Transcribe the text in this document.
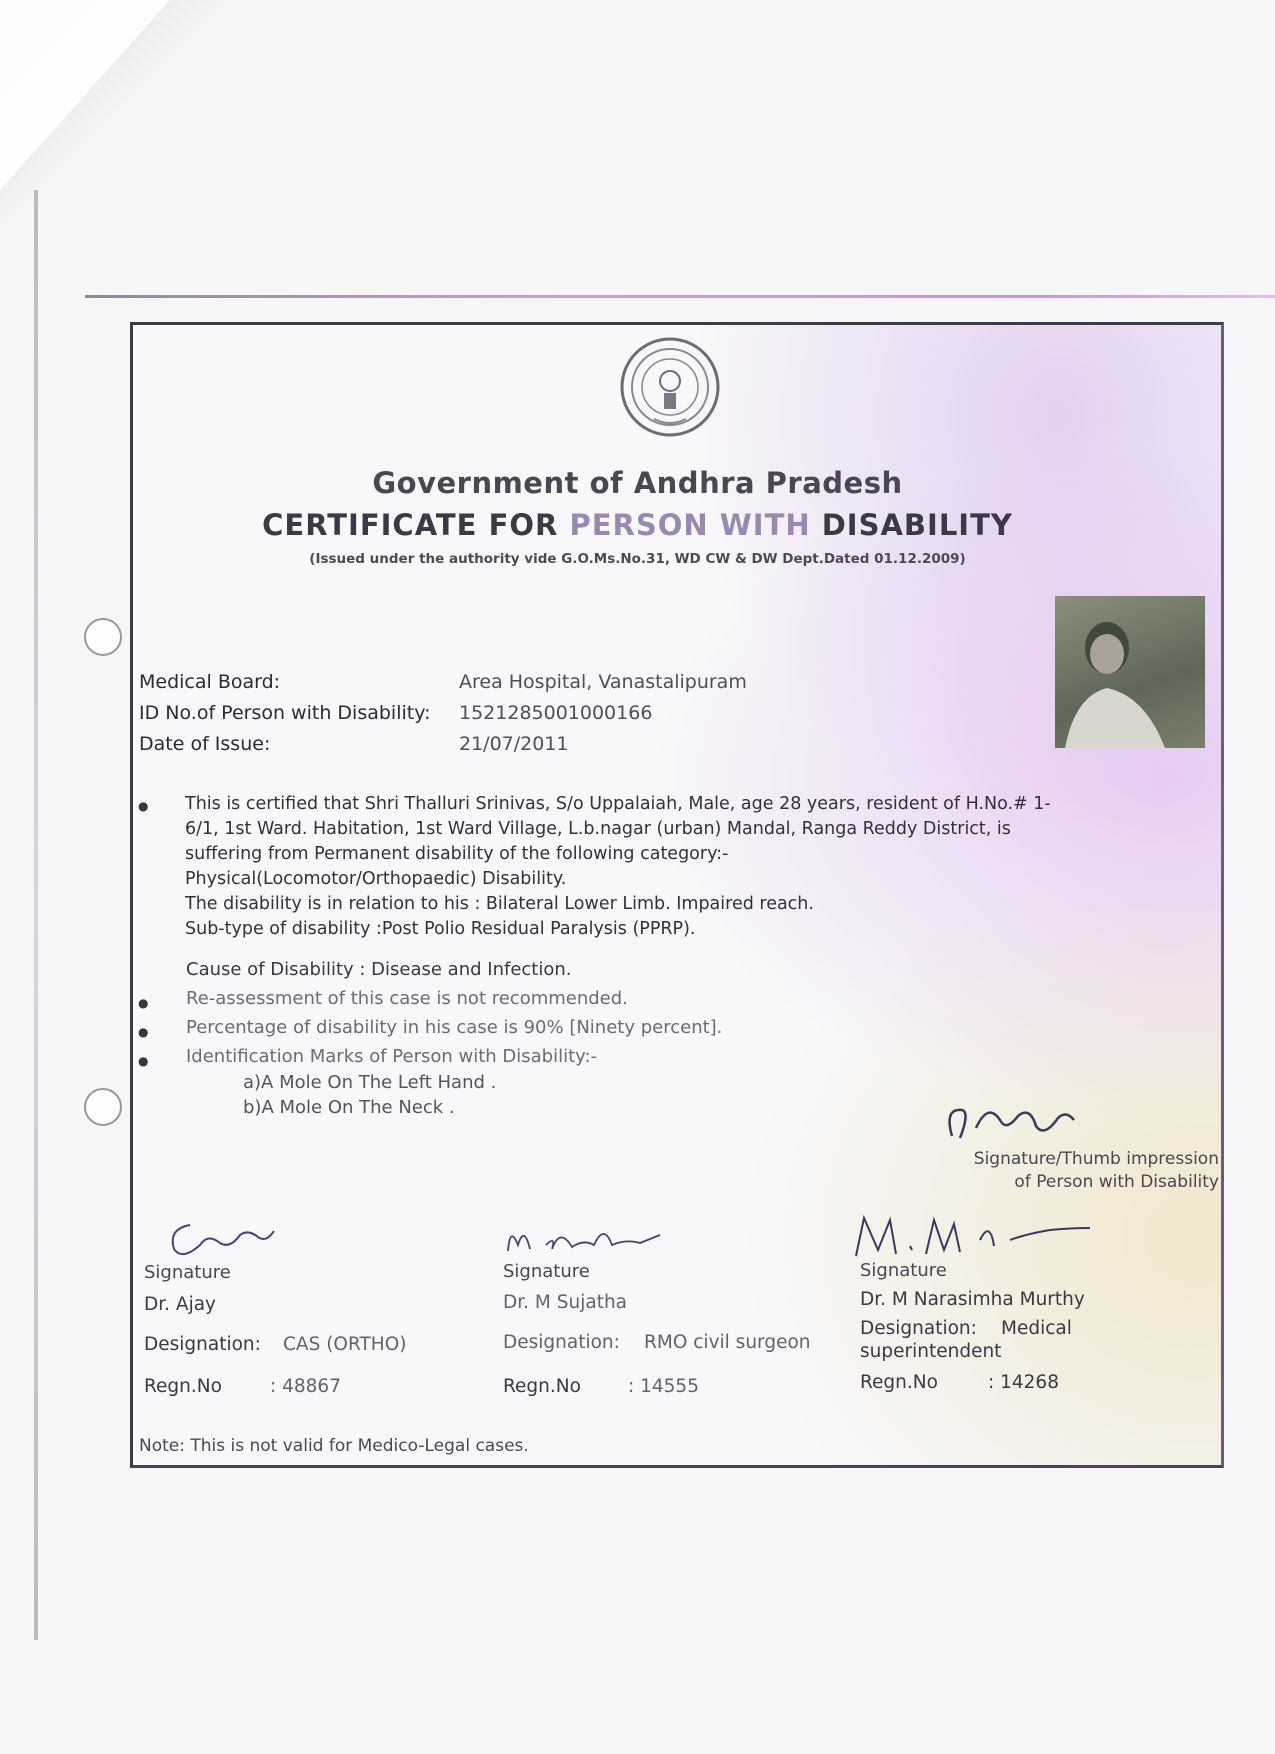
Government of Andhra Pradesh
CERTIFICATE FOR PERSON WITH DISABILITY
(Issued under the authority vide G.O.Ms.No.31, WD CW & DW Dept.Dated 01.12.2009)
Medical Board:	Area Hospital, Vanastalipuram
ID No.of Person with Disability: 1521285001000166
Date of Issue:	21/07/2011
● This is certified that Shri Thalluri Srinivas, S/o Uppalaiah, Male, age 28 years, resident of H.No.# 1-
6/1, 1st Ward. Habitation, 1st Ward Village, L.b.nagar (urban) Mandal, Ranga Reddy District, is
suffering from Permanent disability of the following category:-
Physical(Locomotor/Orthopaedic) Disability.
The disability is in relation to his : Bilateral Lower Limb. Impaired reach.
Sub-type of disability :Post Polio Residual Paralysis (PPRP).
Cause of Disability : Disease and Infection.
● Re-assessment of this case is not recommended.
● Percentage of disability in his case is 90% [Ninety percent].
● Identification Marks of Person with Disability:-
a)A Mole On The Left Hand .
b)A Mole On The Neck .
Signature/Thumb impression
of Person with Disability
Signature
Dr. Ajay
Designation: CAS (ORTHO)
Regn.No	: 48867
Signature
Dr. M Sujatha
Designation: RMO civil surgeon
Regn.No	: 14555
Signature
Dr. M Narasimha Murthy
Designation: Medical
superintendent
Regn.No	: 14268
Note: This is not valid for Medico-Legal cases.
